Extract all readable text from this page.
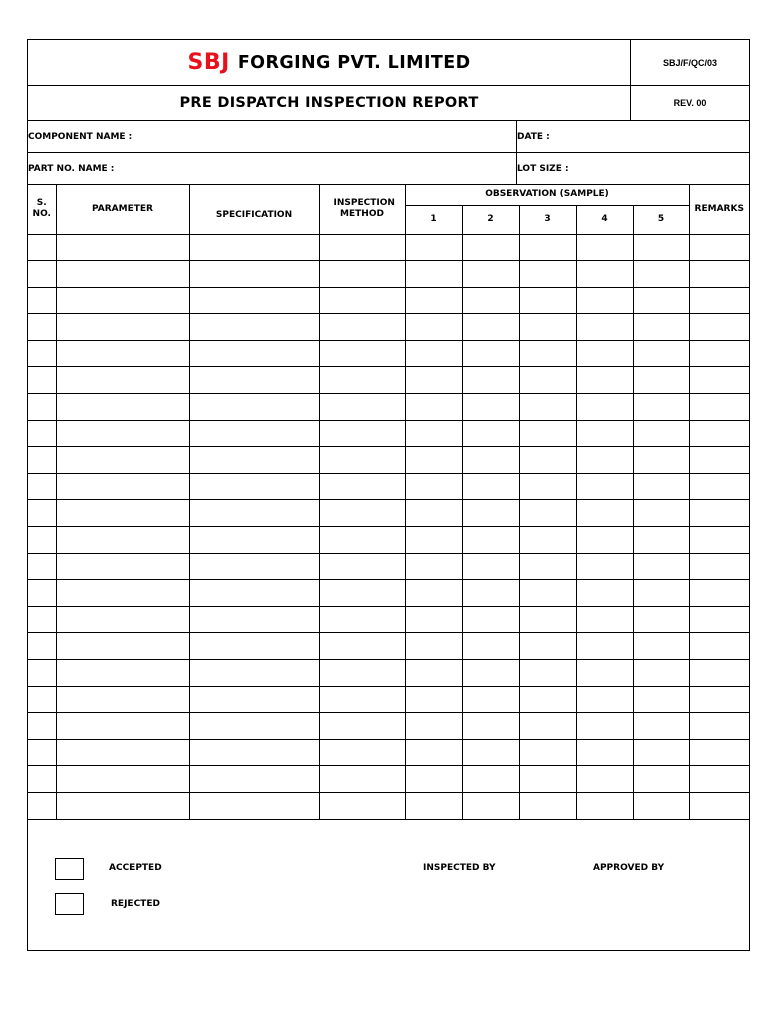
SBJ FORGING PVT. LIMITED	SBJ/F/QC/03
PRE DISPATCH INSPECTION REPORT	REV. 00
COMPONENT NAME :	DATE :
PART NO. NAME :	LOT SIZE :
S. NO.	PARAMETER	SPECIFICATION	INSPECTION METHOD	OBSERVATION (SAMPLE)					REMARKS
				1	2	3	4	5	

ACCEPTED
REJECTED
INSPECTED BY	APPROVED BY
